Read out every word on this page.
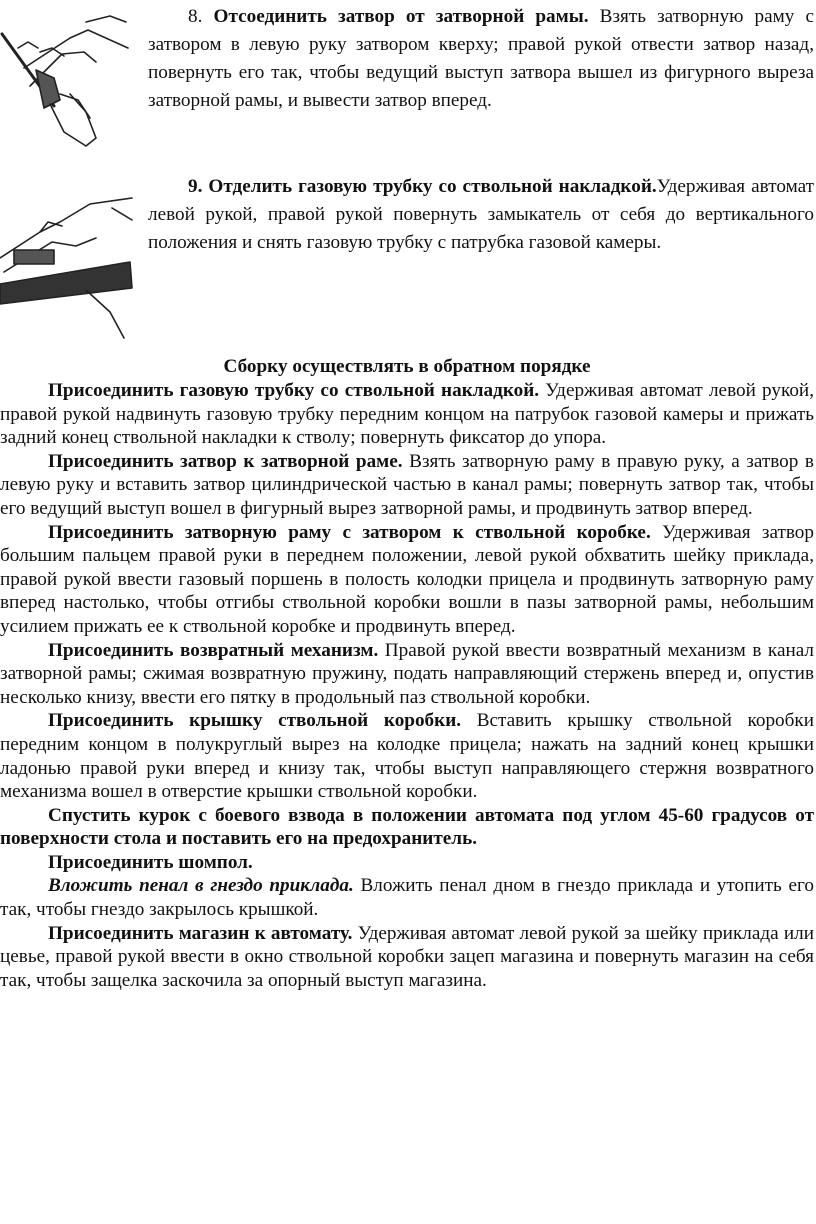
8. Отсоединить затвор от затворной рамы. Взять затворную раму с затвором в левую руку затвором кверху; правой рукой отвести затвор назад, повернуть его так, чтобы ведущий выступ затвора вышел из фигурного выреза затворной рамы, и вывести затвор вперед.

9. Отделить газовую трубку со ствольной накладкой.Удерживая автомат левой рукой, правой рукой повернуть замыкатель от себя до вертикального положения и снять газовую трубку с патрубка газовой камеры.

Сборку осуществлять в обратном порядке

Присоединить газовую трубку со ствольной накладкой. Удерживая автомат левой рукой, правой рукой надвинуть газовую трубку передним концом на патрубок газовой камеры и прижать задний конец ствольной накладки к стволу; повернуть фиксатор до упора.

Присоединить затвор к затворной раме. Взять затворную раму в правую руку, а затвор в левую руку и вставить затвор цилиндрической частью в канал рамы; повернуть затвор так, чтобы его ведущий выступ вошел в фигурный вырез затворной рамы, и продвинуть затвор вперед.

Присоединить затворную раму с затвором к ствольной коробке. Удерживая затвор большим пальцем правой руки в переднем положении, левой рукой обхватить шейку приклада, правой рукой ввести газовый поршень в полость колодки прицела и продвинуть затворную раму вперед настолько, чтобы отгибы ствольной коробки вошли в пазы затворной рамы, небольшим усилием прижать ее к ствольной коробке и продвинуть вперед.

Присоединить возвратный механизм. Правой рукой ввести возвратный механизм в канал затворной рамы; сжимая возвратную пружину, подать направляющий стержень вперед и, опустив несколько книзу, ввести его пятку в продольный паз ствольной коробки.

Присоединить крышку ствольной коробки. Вставить крышку ствольной коробки передним концом в полукруглый вырез на колодке прицела; нажать на задний конец крышки ладонью правой руки вперед и книзу так, чтобы выступ направляющего стержня возвратного механизма вошел в отверстие крышки ствольной коробки.

Спустить курок с боевого взвода в положении автомата под углом 45-60 градусов от поверхности стола и поставить его на предохранитель.

Присоединить шомпол.

Вложить пенал в гнездо приклада. Вложить пенал дном в гнездо приклада и утопить его так, чтобы гнездо закрылось крышкой.

Присоединить магазин к автомату. Удерживая автомат левой рукой за шейку приклада или цевье, правой рукой ввести в окно ствольной коробки зацеп магазина и повернуть магазин на себя так, чтобы защелка заскочила за опорный выступ магазина.
